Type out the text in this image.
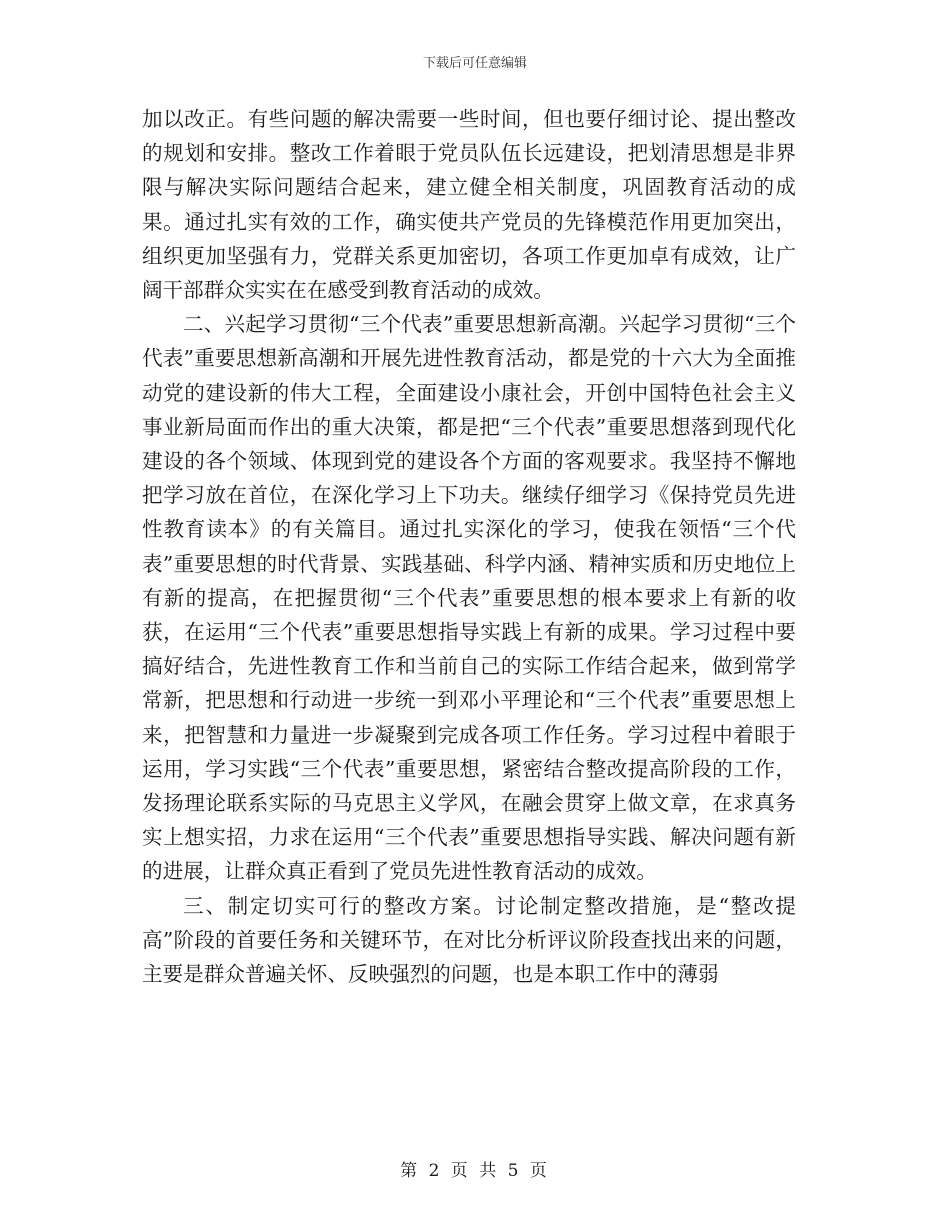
下载后可任意编辑

加以改正。有些问题的解决需要一些时间，但也要仔细讨论、提出整改的规划和安排。整改工作着眼于党员队伍长远建设，把划清思想是非界限与解决实际问题结合起来，建立健全相关制度，巩固教育活动的成果。通过扎实有效的工作，确实使共产党员的先锋模范作用更加突出，组织更加坚强有力，党群关系更加密切，各项工作更加卓有成效，让广阔干部群众实实在在感受到教育活动的成效。

二、兴起学习贯彻“三个代表”重要思想新高潮。兴起学习贯彻“三个代表”重要思想新高潮和开展先进性教育活动，都是党的十六大为全面推动党的建设新的伟大工程，全面建设小康社会，开创中国特色社会主义事业新局面而作出的重大决策，都是把“三个代表”重要思想落到现代化建设的各个领域、体现到党的建设各个方面的客观要求。我坚持不懈地把学习放在首位，在深化学习上下功夫。继续仔细学习《保持党员先进性教育读本》的有关篇目。通过扎实深化的学习，使我在领悟“三个代表”重要思想的时代背景、实践基础、科学内涵、精神实质和历史地位上有新的提高，在把握贯彻“三个代表”重要思想的根本要求上有新的收获，在运用“三个代表”重要思想指导实践上有新的成果。学习过程中要搞好结合，先进性教育工作和当前自己的实际工作结合起来，做到常学常新，把思想和行动进一步统一到邓小平理论和“三个代表”重要思想上来，把智慧和力量进一步凝聚到完成各项工作任务。学习过程中着眼于运用，学习实践“三个代表”重要思想，紧密结合整改提高阶段的工作，发扬理论联系实际的马克思主义学风，在融会贯穿上做文章，在求真务实上想实招，力求在运用“三个代表”重要思想指导实践、解决问题有新的进展，让群众真正看到了党员先进性教育活动的成效。

三、制定切实可行的整改方案。讨论制定整改措施，是“整改提高”阶段的首要任务和关键环节，在对比分析评议阶段查找出来的问题，主要是群众普遍关怀、反映强烈的问题，也是本职工作中的薄弱

第 2 页 共 5 页
